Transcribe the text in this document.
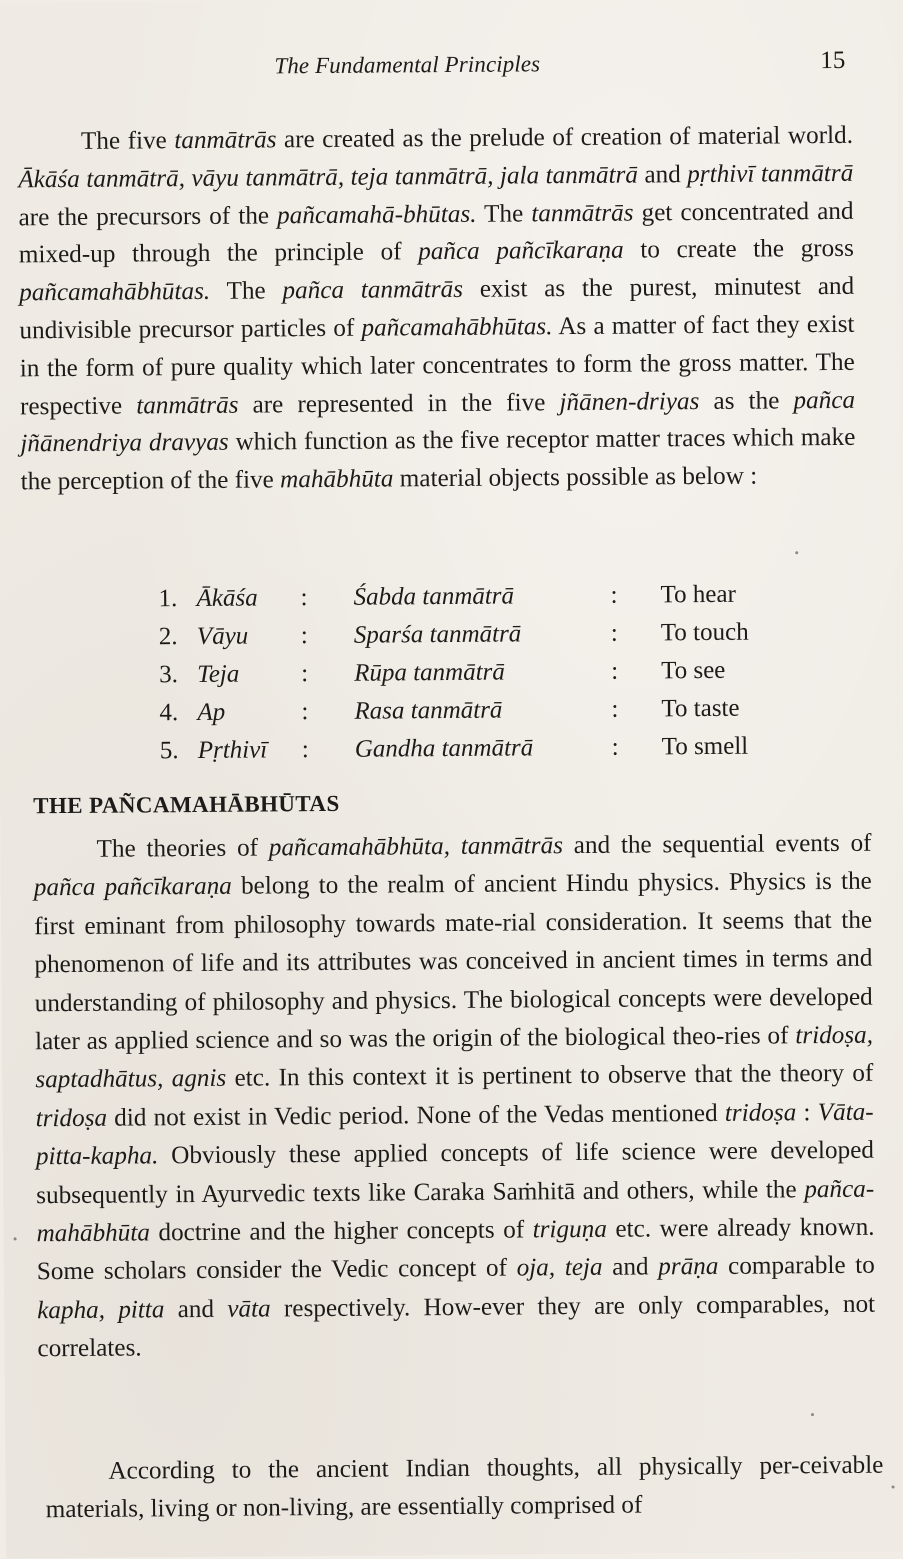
The Fundamental Principles	15
The five tanmātrās are created as the prelude of creation of material world. Ākāśa tanmātrā, vāyu tanmātrā, teja tanmātrā, jala tanmātrā and pṛthivī tanmātrā are the precursors of the pañcamahā-bhūtas. The tanmātrās get concentrated and mixed-up through the principle of pañca pañcīkaraṇa to create the gross pañcamahābhūtas. The pañca tanmātrās exist as the purest, minutest and undivisible precursor particles of pañcamahābhūtas. As a matter of fact they exist in the form of pure quality which later concentrates to form the gross matter. The respective tanmātrās are represented in the five jñānen-driyas as the pañca jñānendriya dravyas which function as the five receptor matter traces which make the perception of the five mahābhūta material objects possible as below :
1. Ākāśa : Śabda tanmātrā	: To hear
2. Vāyu : Sparśa tanmātrā	: To touch
3. Teja : Rūpa tanmātrā	: To see
4. Ap	: Rasa tanmātrā	: To taste
5. Pṛthivī : Gandha tanmātrā	: To smell
THE PAÑCAMAHĀBHŪTAS
The theories of pañcamahābhūta, tanmātrās and the sequential events of pañca pañcīkaraṇa belong to the realm of ancient Hindu physics. Physics is the first eminant from philosophy towards mate-rial consideration. It seems that the phenomenon of life and its attributes was conceived in ancient times in terms and understanding of philosophy and physics. The biological concepts were developed later as applied science and so was the origin of the biological theo-ries of tridoṣa, saptadhātus, agnis etc. In this context it is pertinent to observe that the theory of tridoṣa did not exist in Vedic period. None of the Vedas mentioned tridoṣa : Vāta-pitta-kapha. Obviously these applied concepts of life science were developed subsequently in Ayurvedic texts like Caraka Saṁhitā and others, while the pañca-mahābhūta doctrine and the higher concepts of triguṇa etc. were already known. Some scholars consider the Vedic concept of oja, teja and prāṇa comparable to kapha, pitta and vāta respectively. How-ever they are only comparables, not correlates.
According to the ancient Indian thoughts, all physically per-ceivable materials, living or non-living, are essentially comprised of
